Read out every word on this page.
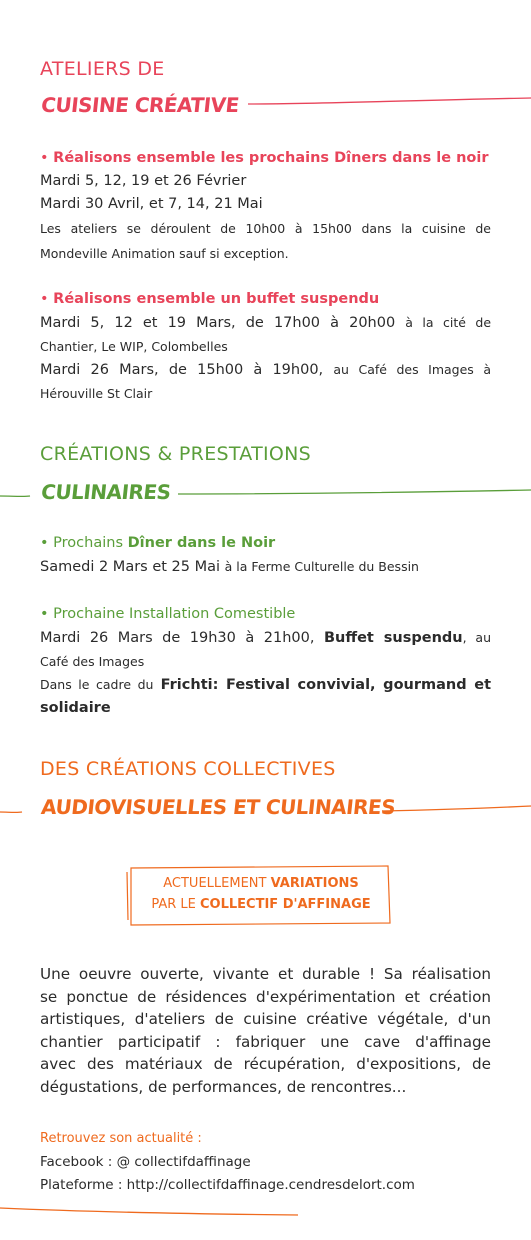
ATELIERS DE
CUISINE CRÉATIVE
• Réalisons ensemble les prochains Dîners dans le noir
Mardi 5, 12, 19 et 26 Février
Mardi 30 Avril, et 7, 14, 21 Mai
Les ateliers se déroulent de 10h00 à 15h00 dans la cuisine de
Mondeville Animation sauf si exception.
• Réalisons ensemble un buffet suspendu
Mardi 5, 12 et 19 Mars, de 17h00 à 20h00 à la cité de
Chantier, Le WIP, Colombelles
Mardi 26 Mars, de 15h00 à 19h00, au Café des Images à
Hérouville St Clair
CRÉATIONS & PRESTATIONS
CULINAIRES
• Prochains Dîner dans le Noir
Samedi 2 Mars et 25 Mai à la Ferme Culturelle du Bessin
• Prochaine Installation Comestible
Mardi 26 Mars de 19h30 à 21h00, Buffet suspendu, au
Café des Images
Dans le cadre du Frichti: Festival convivial, gourmand et
solidaire
DES CRÉATIONS COLLECTIVES
AUDIOVISUELLES ET CULINAIRES
ACTUELLEMENT VARIATIONS
PAR LE COLLECTIF D'AFFINAGE
Une oeuvre ouverte, vivante et durable ! Sa réalisation
se ponctue de résidences d'expérimentation et création
artistiques, d'ateliers de cuisine créative végétale, d'un
chantier participatif : fabriquer une cave d'affinage
avec des matériaux de récupération, d'expositions, de
dégustations, de performances, de rencontres...
Retrouvez son actualité :
Facebook : @ collectifdaffinage
Plateforme : http://collectifdaffinage.cendresdelort.com
